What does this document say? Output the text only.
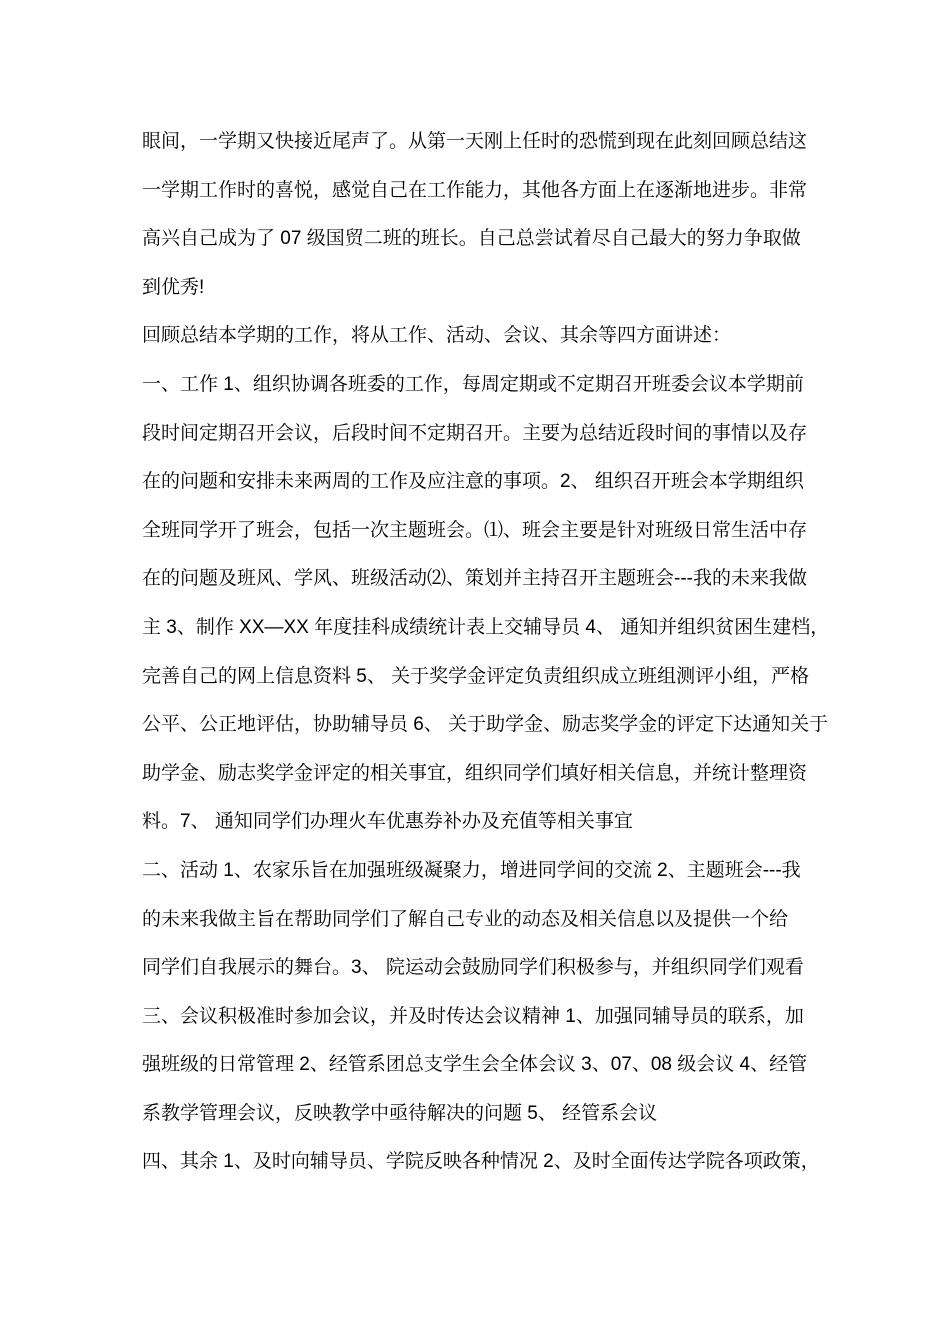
眼间，一学期又快接近尾声了。从第一天刚上任时的恐慌到现在此刻回顾总结这
一学期工作时的喜悦，感觉自己在工作能力，其他各方面上在逐渐地进步。非常
高兴自己成为了 07 级国贸二班的班长。自己总尝试着尽自己最大的努力争取做
到优秀!
回顾总结本学期的工作，将从工作、活动、会议、其余等四方面讲述：
一、工作 1、组织协调各班委的工作，每周定期或不定期召开班委会议本学期前
段时间定期召开会议，后段时间不定期召开。主要为总结近段时间的事情以及存
在的问题和安排未来两周的工作及应注意的事项。2、 组织召开班会本学期组织
全班同学开了班会，包括一次主题班会。⑴、班会主要是针对班级日常生活中存
在的问题及班风、学风、班级活动⑵、策划并主持召开主题班会---我的未来我做
主 3、制作 XX—XX 年度挂科成绩统计表上交辅导员 4、 通知并组织贫困生建档，
完善自己的网上信息资料 5、 关于奖学金评定负责组织成立班组测评小组，严格
公平、公正地评估，协助辅导员 6、 关于助学金、励志奖学金的评定下达通知关于
助学金、励志奖学金评定的相关事宜，组织同学们填好相关信息，并统计整理资
料。7、 通知同学们办理火车优惠券补办及充值等相关事宜
二、活动 1、农家乐旨在加强班级凝聚力，增进同学间的交流 2、主题班会---我
的未来我做主旨在帮助同学们了解自己专业的动态及相关信息以及提供一个给
同学们自我展示的舞台。3、 院运动会鼓励同学们积极参与，并组织同学们观看
三、会议积极准时参加会议，并及时传达会议精神 1、加强同辅导员的联系，加
强班级的日常管理 2、经管系团总支学生会全体会议 3、07、08 级会议 4、经管
系教学管理会议，反映教学中亟待解决的问题 5、 经管系会议
四、其余 1、及时向辅导员、学院反映各种情况 2、及时全面传达学院各项政策，
